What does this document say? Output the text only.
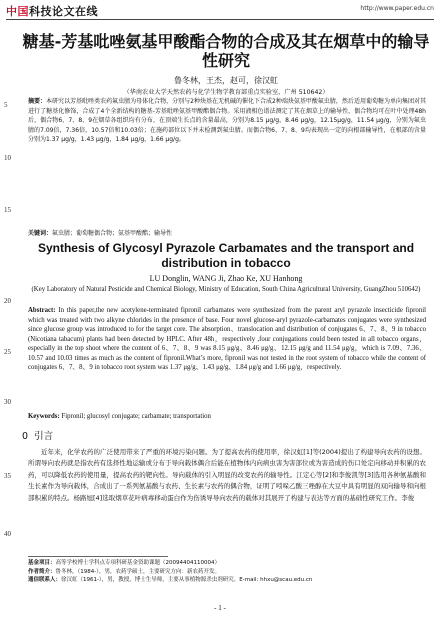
中国科技论文在线	http://www.paper.edu.cn
5
10
15
20
25
30
35
40
糖基-芳基吡唑氨基甲酸酯合物的合成及其在烟草中的输导性研究
鲁冬林，王杰，赵可，徐汉虹
（华南农业大学天然农药与化学生物学教育部重点实验室，广州 510642）
摘要：本研究以芳基吡唑类农药氟虫腈为母体化合物，分别与2种炔基在无机碱的催化下合成2种端炔氨基甲酸氟虫腈，然后适用葡萄糖为单向集团对其进行了糖基化修饰，合成了4个全新结构的糖基-芳基吡唑氨基甲酸酯偶合物。采用液相色谱法测定了其在烟草上的输导性，偶合物均可在叶中处理48h后，偶合物6、7、8、9在烟草各组织均有分布，在顶端生长点的含量最高，分别为8.15 μg/g，8.46 μg/g，12.15μg/g，11.54 μg/g，分别为氟虫腈的7.09倍，7.36倍，10.57倍和10.03倍；在施药部位以下并未检测到氟虫腈。而偶合物6、7、8、9均表现出一定的向根部输导性，在根部的含量分别为1.37 μg/g，1.43 μg/g，1.84 μg/g，1.66 μg/g。
关键词：氟虫腈；葡萄糖偶合物；氨基甲酸酯；输导性
Synthesis of Glycosyl Pyrazole Carbamates and the transport and distribution in tobacco
LU Donglin, WANG Ji, Zhao Ke, XU Hanhong
(Key Laboratory of Natural Pesticide and Chemical Biology, Ministry of Education, South China Agricultural University, GuangZhou 510642)
Abstract: In this paper,the new acetylene-terminated fipronil carbamates were synthesized from the parent aryl pyrazole insecticide fipronil which was treated with two alkyne chlorides in the presence of base. Four novel glucose-aryl pyrazole-carbamates conjugates were synthesized since glucose group was introduced to for the target core. The absorption、translocation and distribution of conjugates 6、7、8、9 in tobacco (Nicotiana tabacum) plants had been detected by HPLC. After 48h，respectively ,four conjugations could been tested in all tobacco organs，especially in the top shoot where the content of 6、7、8、9 was 8.15 μg/g、8.46 μg/g、12.15 μg/g and 11.54 μg/g，which is 7.09、7.36、10.57 and 10.03 times as much as the content of fipronil.What’s more, fipronil was not tested in the root system of tobacco while the content of conjugates 6、7、8、9 in tobacco root system was 1.37 μg/g、1.43 μg/g、1.84 μg/g and 1.66 μg/g，respectively.
Keywords: Fipronil; glucosyl conjugate; carbamate; transportation
0 引言
近年来，化学农药的广泛使用带来了严重的环境污染问题。为了提高农药的使用率，徐汉虹[1]等(2004)提出了构建导向农药的设想。所谓导向农药就是指农药有选择性地运输或分布于导向载体偶合后能在植物体内向病虫害为害部位或为害造成的伤口处定向移动并积累的农药，可以降低农药的使用量，提高农药的靶向性。导向载体的引入明显的改变农药的输导性。江定心等[2]和李俊凯等[3]选用各种氨基酸和生长素作为导向载体，合成出了一系列氨基酸与农药、生长素与农药的偶合物，证明了吲哚乙酸三唑醇在大豆中具有明显的双向输导和向根部积累的特点。杨路旭[4]选取烟草花叶病毒移动蛋白作为伤诱导导向农药的载体对其展开了构建与表达等方面的基础性研究工作。李俊
基金项目：高等学校博士学科点专项科研基金资助课题（20094404110004）
作者简介：鲁冬林，（1984-），男，农药学硕士，主要研究方向：新农药开发。
通信联系人：徐汉虹（1961-），男，教授，博士生导师，主要从事植物源杀虫剂研究。E-mail: hhxu@scau.edu.cn
- 1 -
